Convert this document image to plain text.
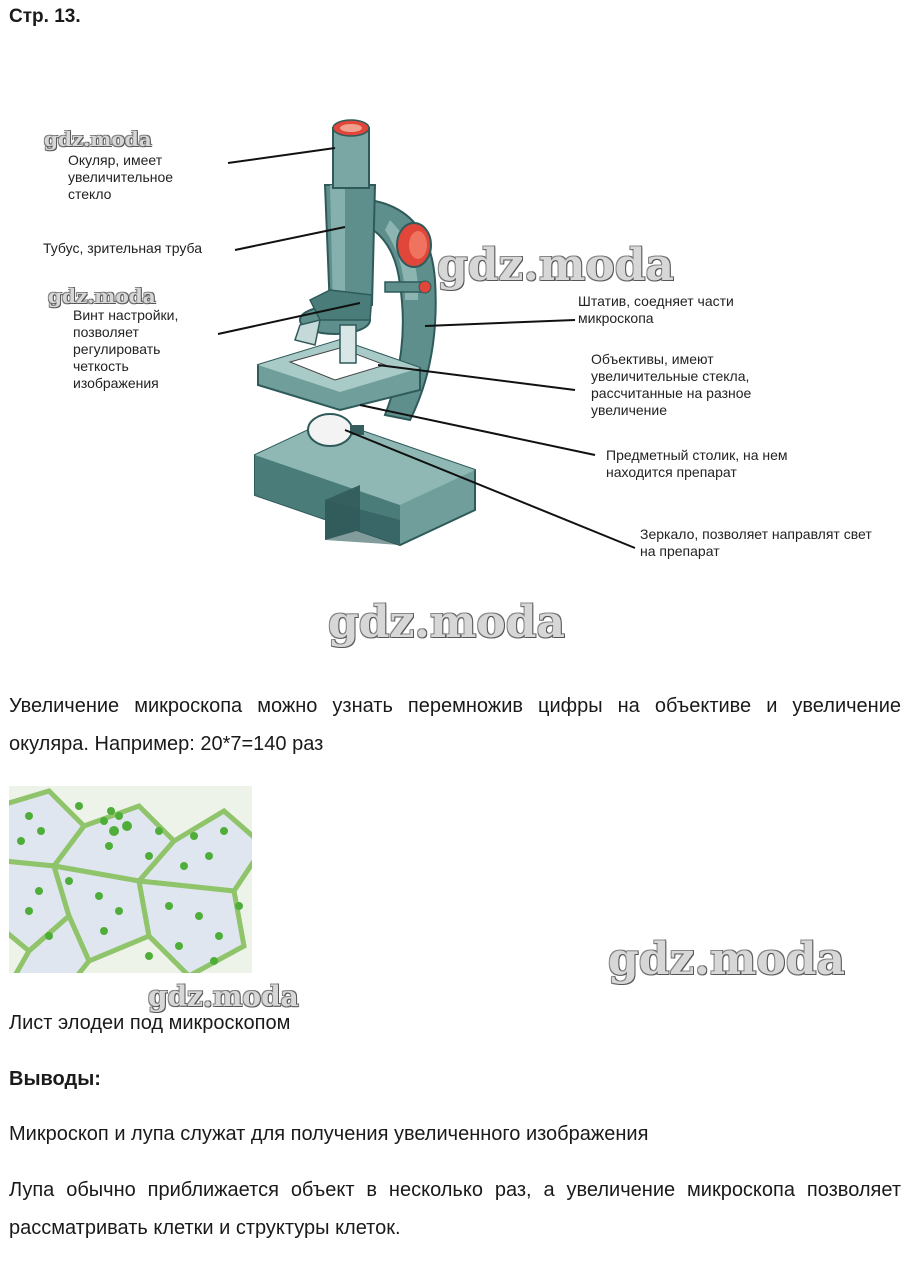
Стр. 13.
Окуляр, имеет увеличительное стекло
Тубус, зрительная труба
Винт настройки, позволяет регулировать четкость изображения
Штатив, соедняет части микроскопа
Объективы, имеют увеличительные стекла, рассчитанные на разное увеличение
Предметный столик, на нем находится препарат
Зеркало, позволяет направлят свет на препарат
gdz.moda
gdz.moda
gdz.moda
gdz.moda
gdz.moda
gdz.moda

Увеличение микроскопа можно узнать перемножив цифры на объективе и увеличение окуляра. Например: 20*7=140 раз

Лист элодеи под микроскопом

Выводы:

Микроскоп и лупа служат для получения увеличенного изображения

Лупа обычно приближается объект в несколько раз, а увеличение микроскопа позволяет рассматривать клетки и структуры клеток.
